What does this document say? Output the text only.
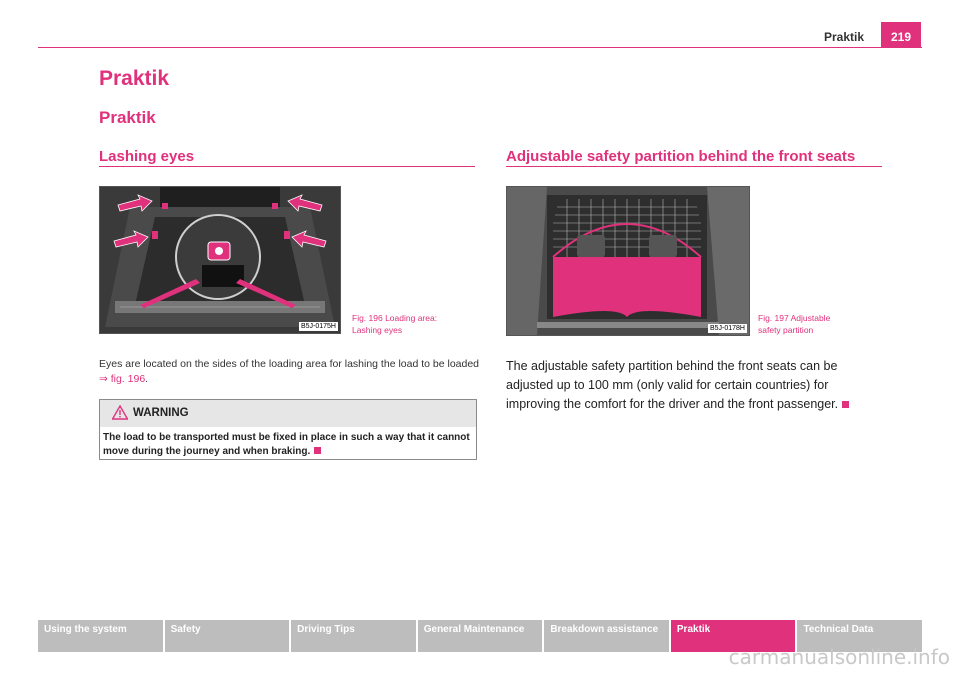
Praktik	219
Praktik
Praktik
Lashing eyes
B5J-0175H
Fig. 196 Loading area:
Lashing eyes
Eyes are located on the sides of the loading area for lashing the load to be loaded
⇒ fig. 196.
WARNING
The load to be transported must be fixed in place in such a way that it cannot move during the journey and when braking.
Adjustable safety partition behind the front seats
B5J-0178H
Fig. 197 Adjustable
safety partition
The adjustable safety partition behind the front seats can be adjusted up to 100 mm (only valid for certain countries) for improving the comfort for the driver and the front passenger.
Using the system	Safety	Driving Tips	General Maintenance	Breakdown assistance	Praktik	Technical Data
carmanualsonline.info
